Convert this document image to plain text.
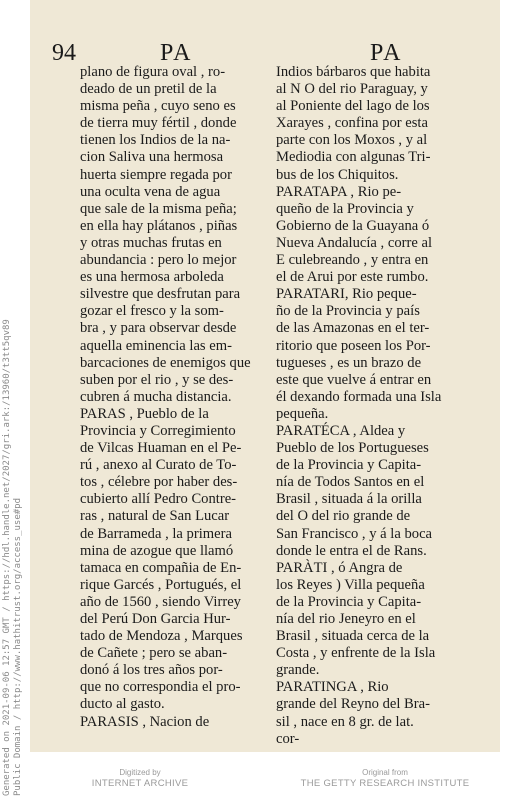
94	PA	PA
plano de figura oval , ro-
deado de un pretil de la
misma peña , cuyo seno es
de tierra muy fértil , donde
tienen los Indios de la na-
cion Saliva una hermosa
huerta siempre regada por
una oculta vena de agua
que sale de la misma peña;
en ella hay plátanos , piñas
y otras muchas frutas en
abundancia : pero lo mejor
es una hermosa arboleda
silvestre que desfrutan para
gozar el fresco y la som-
bra , y para observar desde
aquella eminencia las em-
barcaciones de enemigos que
suben por el rio , y se des-
cubren á mucha distancia.
PARAS , Pueblo de la
Provincia y Corregimiento
de Vilcas Huaman en el Pe-
rú , anexo al Curato de To-
tos , célebre por haber des-
cubierto allí Pedro Contre-
ras , natural de San Lucar
de Barrameda , la primera
mina de azogue que llamó
tamaca en compañia de En-
rique Garcés , Portugués, el
año de 1560 , siendo Virrey
del Perú Don Garcia Hur-
tado de Mendoza , Marques
de Cañete ; pero se aban-
donó á los tres años por-
que no correspondia el pro-
ducto al gasto.
PARASIS , Nacion de
Indios bárbaros que habita
al N O del rio Paraguay, y
al Poniente del lago de los
Xarayes , confina por esta
parte con los Moxos , y al
Mediodia con algunas Tri-
bus de los Chiquitos.
PARATAPA , Rio pe-
queño de la Provincia y
Gobierno de la Guayana ó
Nueva Andalucía , corre al
E culebreando , y entra en
el de Arui por este rumbo.
PARATARI, Rio peque-
ño de la Provincia y país
de las Amazonas en el ter-
ritorio que poseen los Por-
tugueses , es un brazo de
este que vuelve á entrar en
él dexando formada una Isla
pequeña.
PARATÉCA , Aldea y
Pueblo de los Portugueses
de la Provincia y Capita-
nía de Todos Santos en el
Brasil , situada á la orilla
del O del rio grande de
San Francisco , y á la boca
donde le entra el de Rans.
PARÀTI , ó Angra de
los Reyes ) Villa pequeña
de la Provincia y Capita-
nía del rio Jeneyro en el
Brasil , situada cerca de la
Costa , y enfrente de la Isla
grande.
PARATINGA , Rio
grande del Reyno del Bra-
sil , nace en 8 gr. de lat.
cor-
Generated on 2021-09-06 12:57 GMT / https://hdl.handle.net/2027/gri.ark:/13960/t3tt5qv89 Public Domain / http://www.hathitrust.org/access_use#pd	Digitized by
INTERNET ARCHIVE
Original from
THE GETTY RESEARCH INSTITUTE
